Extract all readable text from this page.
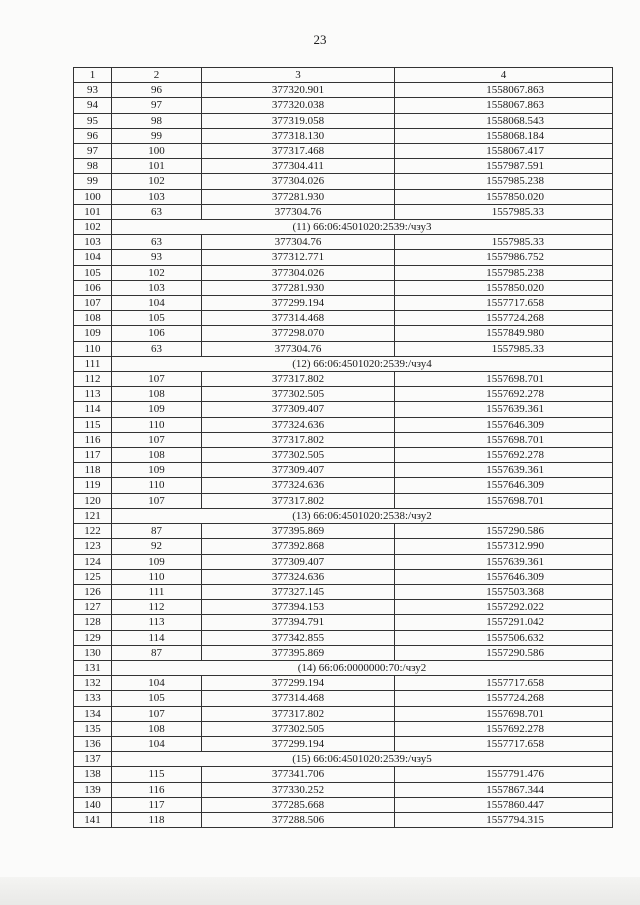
23
1	2	3	4
93	96	377320.901	1558067.863
94	97	377320.038	1558067.863
95	98	377319.058	1558068.543
96	99	377318.130	1558068.184
97	100	377317.468	1558067.417
98	101	377304.411	1557987.591
99	102	377304.026	1557985.238
100	103	377281.930	1557850.020
101	63	377304.76	1557985.33
102	(11) 66:06:4501020:2539:/чзу3		
103	63	377304.76	1557985.33
104	93	377312.771	1557986.752
105	102	377304.026	1557985.238
106	103	377281.930	1557850.020
107	104	377299.194	1557717.658
108	105	377314.468	1557724.268
109	106	377298.070	1557849.980
110	63	377304.76	1557985.33
111	(12) 66:06:4501020:2539:/чзу4		
112	107	377317.802	1557698.701
113	108	377302.505	1557692.278
114	109	377309.407	1557639.361
115	110	377324.636	1557646.309
116	107	377317.802	1557698.701
117	108	377302.505	1557692.278
118	109	377309.407	1557639.361
119	110	377324.636	1557646.309
120	107	377317.802	1557698.701
121	(13) 66:06:4501020:2538:/чзу2		
122	87	377395.869	1557290.586
123	92	377392.868	1557312.990
124	109	377309.407	1557639.361
125	110	377324.636	1557646.309
126	111	377327.145	1557503.368
127	112	377394.153	1557292.022
128	113	377394.791	1557291.042
129	114	377342.855	1557506.632
130	87	377395.869	1557290.586
131	(14) 66:06:0000000:70:/чзу2		
132	104	377299.194	1557717.658
133	105	377314.468	1557724.268
134	107	377317.802	1557698.701
135	108	377302.505	1557692.278
136	104	377299.194	1557717.658
137	(15) 66:06:4501020:2539:/чзу5		
138	115	377341.706	1557791.476
139	116	377330.252	1557867.344
140	117	377285.668	1557860.447
141	118	377288.506	1557794.315
